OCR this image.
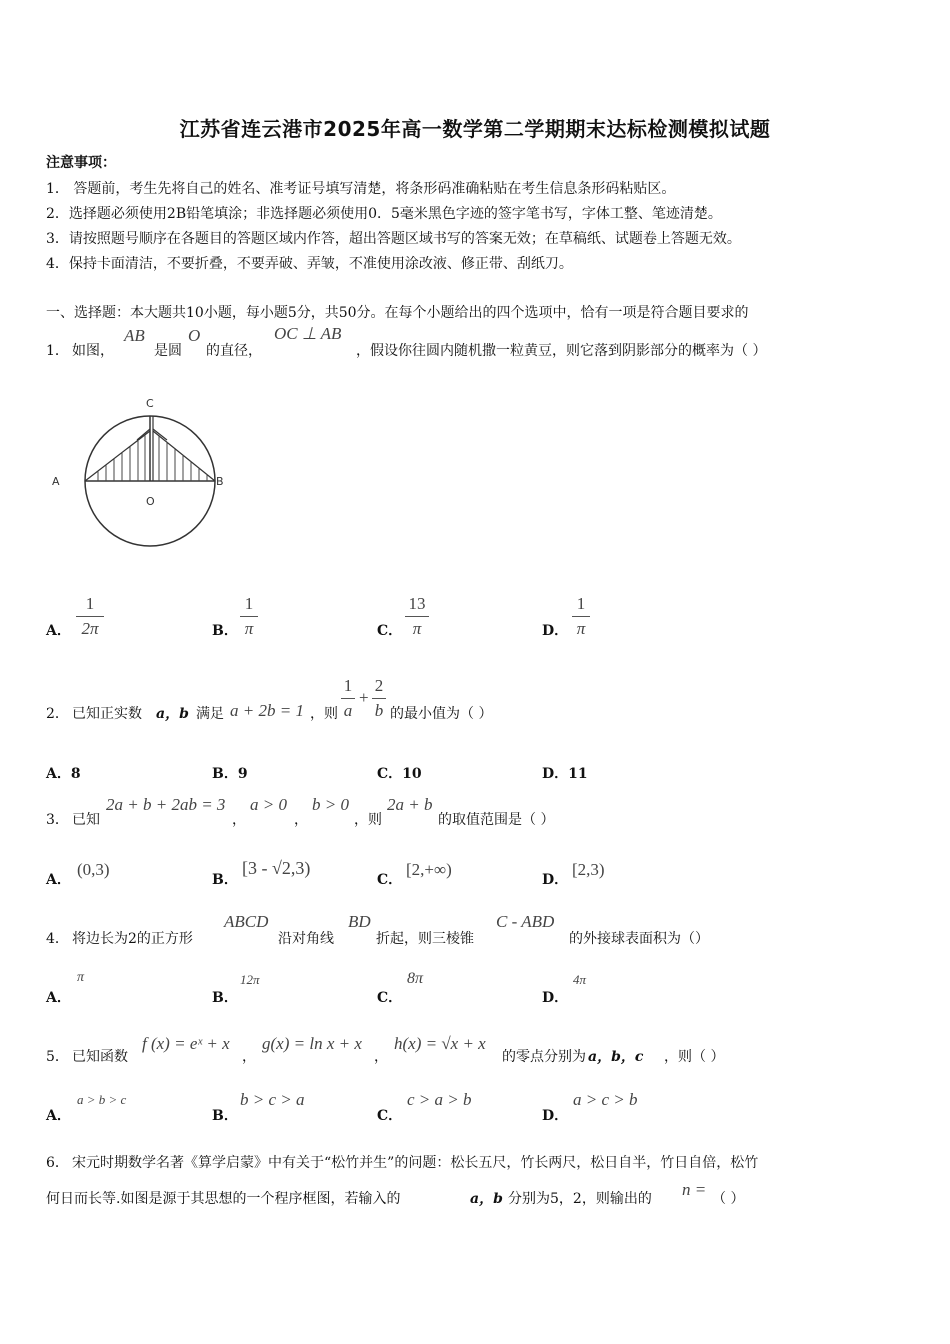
江苏省连云港市2025年高一数学第二学期期末达标检测模拟试题
注意事项：
1． 答题前，考生先将自己的姓名、准考证号填写清楚，将条形码准确粘贴在考生信息条形码粘贴区。
2．选择题必须使用2B铅笔填涂；非选择题必须使用0．5毫米黑色字迹的签字笔书写，字体工整、笔迹清楚。
3．请按照题号顺序在各题目的答题区域内作答，超出答题区域书写的答案无效；在草稿纸、试题卷上答题无效。
4．保持卡面清洁，不要折叠，不要弄破、弄皱，不准使用涂改液、修正带、刮纸刀。
一、选择题：本大题共10小题，每小题5分，共50分。在每个小题给出的四个选项中，恰有一项是符合题目要求的
1． 如图，
AB
是圆
O
的直径，
OC ⊥ AB
，假设你往圆内随机撒一粒黄豆，则它落到阴影部分的概率为（ ）
C
A	B
O
A．
1
2π	B．
1
π	C．
13
π	D．
1
π
2． 已知正实数 a，b 满足 a + 2b = 1 ，则
1
a
+
2
b 的最小值为（ ）
A．8	B．9	C．10	D．11
3． 已知
2a + b + 2ab = 3
，
a > 0
，
b > 0
，则
2a + b
的取值范围是（ ）
A．
(0,3)
B．
[3 - √2,3)
C．
[2,+∞)
D．
[2,3)
4． 将边长为2的正方形
ABCD
沿对角线
BD
折起，则三棱锥
C - ABD
的外接球表面积为（）
A．
π
B．
12π
C．
8π
D．
4π
5． 已知函数
f (x) = eˣ + x
，
g(x) = ln x + x
，
h(x) = √x + x
的零点分别为 a，b，c ，则（ ）
A．
a > b > c
B．
b > c > a
C．
c > a > b
D．
a > c > b
6． 宋元时期数学名著《算学启蒙》中有关于“松竹并生”的问题：松长五尺，竹长两尺，松日自半，竹日自倍，松竹
何日而长等.如图是源于其思想的一个程序框图，若输入的	a，b 分别为5，2，则输出的 n = （ ）
